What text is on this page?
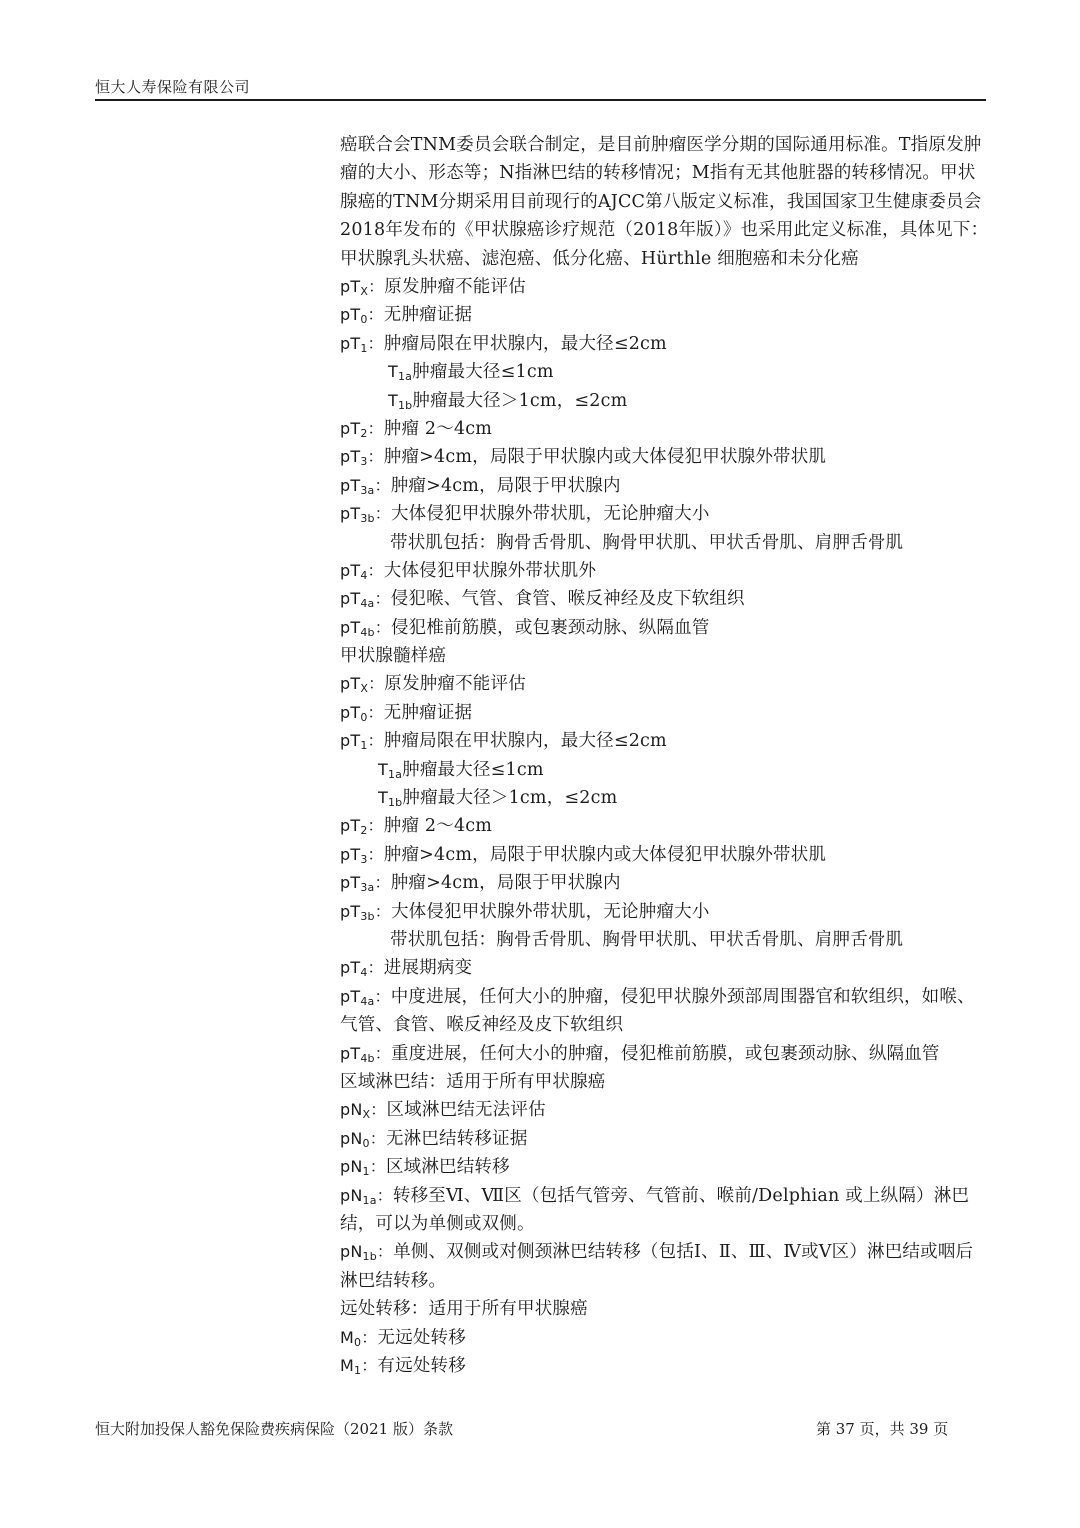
恒大人寿保险有限公司

癌联合会TNM委员会联合制定，是目前肿瘤医学分期的国际通用标准。T指原发肿瘤的大小、形态等；N指淋巴结的转移情况；M指有无其他脏器的转移情况。甲状腺癌的TNM分期采用目前现行的AJCC第八版定义标准，我国国家卫生健康委员会2018年发布的《甲状腺癌诊疗规范（2018年版）》也采用此定义标准，具体见下：

甲状腺乳头状癌、滤泡癌、低分化癌、Hürthle 细胞癌和未分化癌
$pT_X$：原发肿瘤不能评估
$pT_0$：无肿瘤证据
$pT_1$：肿瘤局限在甲状腺内，最大径≤2cm
$T_{1a}$肿瘤最大径≤1cm
$T_{1b}$肿瘤最大径＞1cm，≤2cm
$pT_2$：肿瘤 2～4cm
$pT_3$：肿瘤>4cm，局限于甲状腺内或大体侵犯甲状腺外带状肌
$pT_{3a}$：肿瘤>4cm，局限于甲状腺内
$pT_{3b}$：大体侵犯甲状腺外带状肌，无论肿瘤大小
带状肌包括：胸骨舌骨肌、胸骨甲状肌、甲状舌骨肌、肩胛舌骨肌
$pT_4$：大体侵犯甲状腺外带状肌外
$pT_{4a}$：侵犯喉、气管、食管、喉反神经及皮下软组织
$pT_{4b}$：侵犯椎前筋膜，或包裹颈动脉、纵隔血管
甲状腺髓样癌
$pT_X$：原发肿瘤不能评估
$pT_0$：无肿瘤证据
$pT_1$：肿瘤局限在甲状腺内，最大径≤2cm
$T_{1a}$肿瘤最大径≤1cm
$T_{1b}$肿瘤最大径＞1cm，≤2cm
$pT_2$：肿瘤 2～4cm
$pT_3$：肿瘤>4cm，局限于甲状腺内或大体侵犯甲状腺外带状肌
$pT_{3a}$：肿瘤>4cm，局限于甲状腺内
$pT_{3b}$：大体侵犯甲状腺外带状肌，无论肿瘤大小
带状肌包括：胸骨舌骨肌、胸骨甲状肌、甲状舌骨肌、肩胛舌骨肌
$pT_4$：进展期病变
$pT_{4a}$：中度进展，任何大小的肿瘤，侵犯甲状腺外颈部周围器官和软组织，如喉、气管、食管、喉反神经及皮下软组织
$pT_{4b}$：重度进展，任何大小的肿瘤，侵犯椎前筋膜，或包裹颈动脉、纵隔血管
区域淋巴结：适用于所有甲状腺癌
$pN_X$：区域淋巴结无法评估
$pN_0$：无淋巴结转移证据
$pN_1$：区域淋巴结转移
$pN_{1a}$：转移至Ⅵ、Ⅶ区（包括气管旁、气管前、喉前/Delphian 或上纵隔）淋巴结，可以为单侧或双侧。
$pN_{1b}$：单侧、双侧或对侧颈淋巴结转移（包括Ⅰ、Ⅱ、Ⅲ、Ⅳ或Ⅴ区）淋巴结或咽后淋巴结转移。
远处转移：适用于所有甲状腺癌
$M_0$：无远处转移
$M_1$：有远处转移
恒大附加投保人豁免保险费疾病保险（2021 版）条款	第 37 页，共 39 页
